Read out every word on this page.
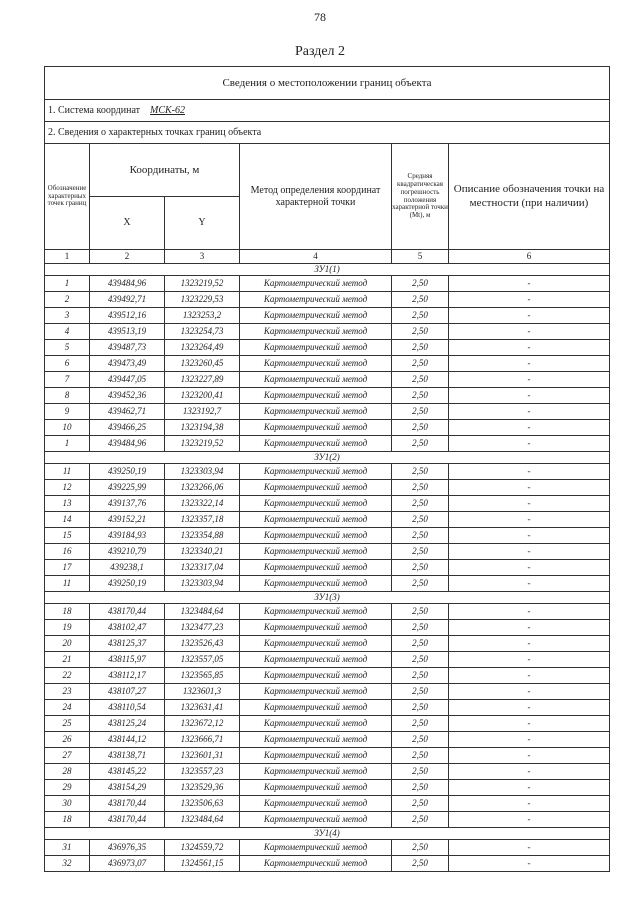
78
Раздел 2
Сведения о местоположении границ объекта					
1. Система координат МСК-62					
2. Сведения о характерных точках границ объекта					
Обозначение характерных точек границ	Координаты, м		Метод определения координат характерной точки	Средняя квадратическая погрешность положения характерной точки (Mt), м	Описание обозначения точки на местности (при наличии)
	X	Y			
1	2	3	4	5	6
ЗУ1(1)					
1	439484,96	1323219,52	Картометрический метод	2,50	-
2	439492,71	1323229,53	Картометрический метод	2,50	-
3	439512,16	1323253,2	Картометрический метод	2,50	-
4	439513,19	1323254,73	Картометрический метод	2,50	-
5	439487,73	1323264,49	Картометрический метод	2,50	-
6	439473,49	1323260,45	Картометрический метод	2,50	-
7	439447,05	1323227,89	Картометрический метод	2,50	-
8	439452,36	1323200,41	Картометрический метод	2,50	-
9	439462,71	1323192,7	Картометрический метод	2,50	-
10	439466,25	1323194,38	Картометрический метод	2,50	-
1	439484,96	1323219,52	Картометрический метод	2,50	-
ЗУ1(2)					
11	439250,19	1323303,94	Картометрический метод	2,50	-
12	439225,99	1323266,06	Картометрический метод	2,50	-
13	439137,76	1323322,14	Картометрический метод	2,50	-
14	439152,21	1323357,18	Картометрический метод	2,50	-
15	439184,93	1323354,88	Картометрический метод	2,50	-
16	439210,79	1323340,21	Картометрический метод	2,50	-
17	439238,1	1323317,04	Картометрический метод	2,50	-
11	439250,19	1323303,94	Картометрический метод	2,50	-
ЗУ1(3)					
18	438170,44	1323484,64	Картометрический метод	2,50	-
19	438102,47	1323477,23	Картометрический метод	2,50	-
20	438125,37	1323526,43	Картометрический метод	2,50	-
21	438115,97	1323557,05	Картометрический метод	2,50	-
22	438112,17	1323565,85	Картометрический метод	2,50	-
23	438107,27	1323601,3	Картометрический метод	2,50	-
24	438110,54	1323631,41	Картометрический метод	2,50	-
25	438125,24	1323672,12	Картометрический метод	2,50	-
26	438144,12	1323666,71	Картометрический метод	2,50	-
27	438138,71	1323601,31	Картометрический метод	2,50	-
28	438145,22	1323557,23	Картометрический метод	2,50	-
29	438154,29	1323529,36	Картометрический метод	2,50	-
30	438170,44	1323506,63	Картометрический метод	2,50	-
18	438170,44	1323484,64	Картометрический метод	2,50	-
ЗУ1(4)					
31	436976,35	1324559,72	Картометрический метод	2,50	-
32	436973,07	1324561,15	Картометрический метод	2,50	-
